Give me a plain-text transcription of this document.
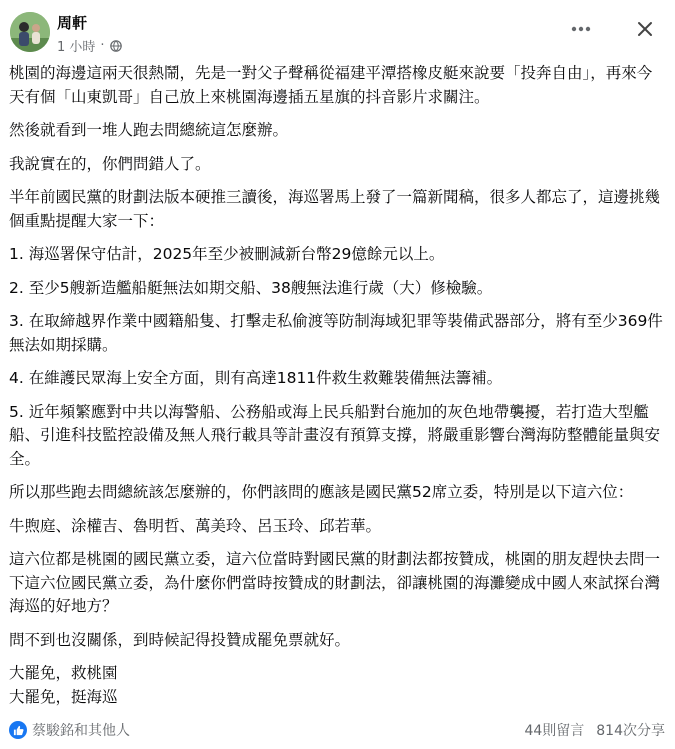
周軒
1 小時 ·

桃園的海邊這兩天很熱鬧，先是一對父子聲稱從福建平潭搭橡皮艇來說要「投奔自由」，再來今天有個「山東凱哥」自己放上來桃園海邊插五星旗的抖音影片求關注。

然後就看到一堆人跑去問總統這怎麼辦。

我說實在的，你們問錯人了。

半年前國民黨的財劃法版本硬推三讀後，海巡署馬上發了一篇新聞稿，很多人都忘了，這邊挑幾個重點提醒大家一下：

1. 海巡署保守估計，2025年至少被刪減新台幣29億餘元以上。

2. 至少5艘新造艦船艇無法如期交船、38艘無法進行歲（大）修檢驗。

3. 在取締越界作業中國籍船隻、打擊走私偷渡等防制海域犯罪等裝備武器部分，將有至少369件無法如期採購。

4. 在維護民眾海上安全方面，則有高達1811件救生救難裝備無法籌補。

5. 近年頻繁應對中共以海警船、公務船或海上民兵船對台施加的灰色地帶襲擾，若打造大型艦船、引進科技監控設備及無人飛行載具等計畫沒有預算支撐，將嚴重影響台灣海防整體能量與安全。

所以那些跑去問總統該怎麼辦的，你們該問的應該是國民黨52席立委，特別是以下這六位：

牛煦庭、涂權吉、魯明哲、萬美玲、呂玉玲、邱若華。

這六位都是桃園的國民黨立委，這六位當時對國民黨的財劃法都按贊成，桃園的朋友趕快去問一下這六位國民黨立委，為什麼你們當時按贊成的財劃法，卻讓桃園的海灘變成中國人來試探台灣海巡的好地方？

問不到也沒關係，到時候記得投贊成罷免票就好。

大罷免，救桃園

大罷免，挺海巡

蔡駿銘和其他人	44則留言 814次分享
